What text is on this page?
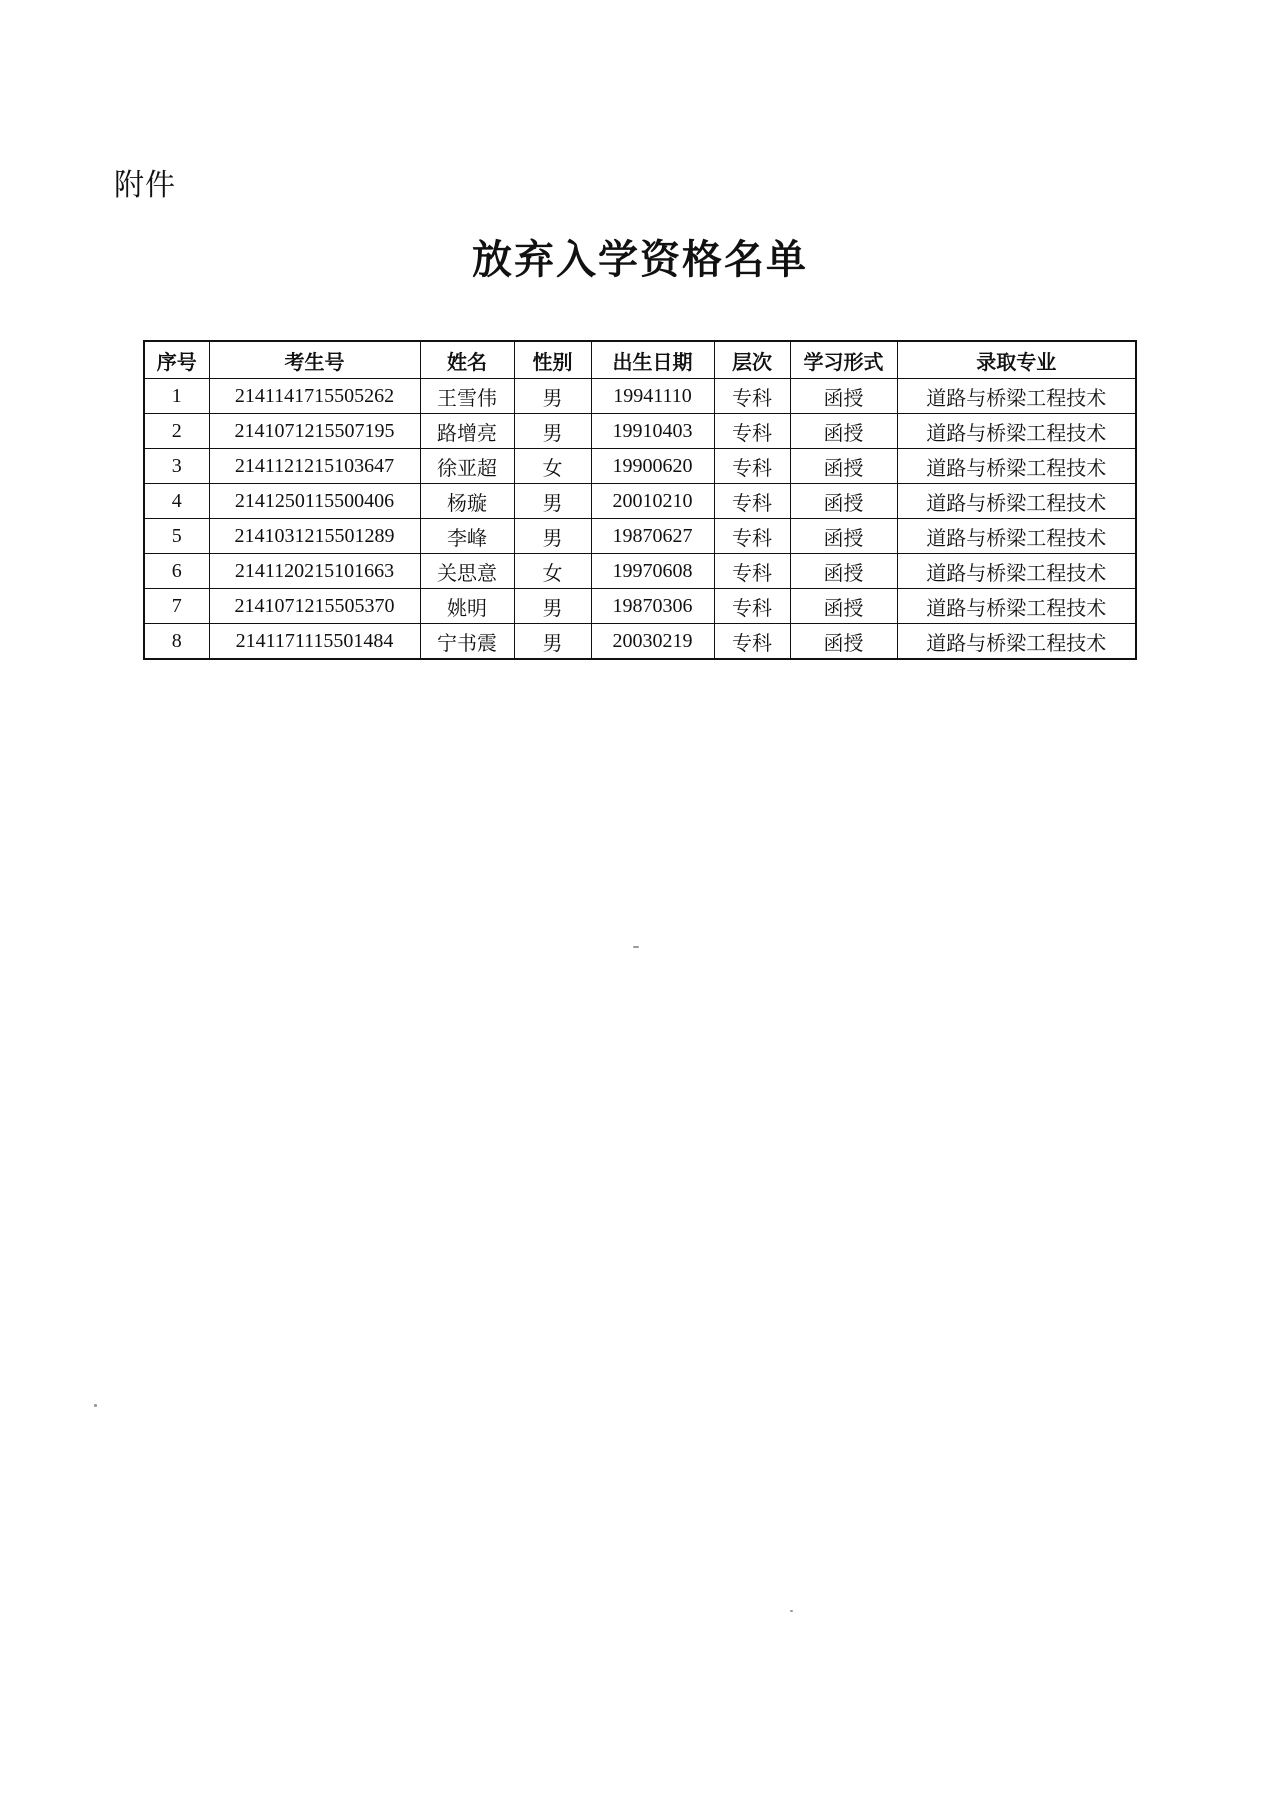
附件
放弃入学资格名单
序号	考生号	姓名	性别	出生日期	层次	学习形式	录取专业
1	2141141715505262	王雪伟	男	19941110	专科	函授	道路与桥梁工程技术
2	2141071215507195	路增亮	男	19910403	专科	函授	道路与桥梁工程技术
3	2141121215103647	徐亚超	女	19900620	专科	函授	道路与桥梁工程技术
4	2141250115500406	杨璇	男	20010210	专科	函授	道路与桥梁工程技术
5	2141031215501289	李峰	男	19870627	专科	函授	道路与桥梁工程技术
6	2141120215101663	关思意	女	19970608	专科	函授	道路与桥梁工程技术
7	2141071215505370	姚明	男	19870306	专科	函授	道路与桥梁工程技术
8	2141171115501484	宁书震	男	20030219	专科	函授	道路与桥梁工程技术
